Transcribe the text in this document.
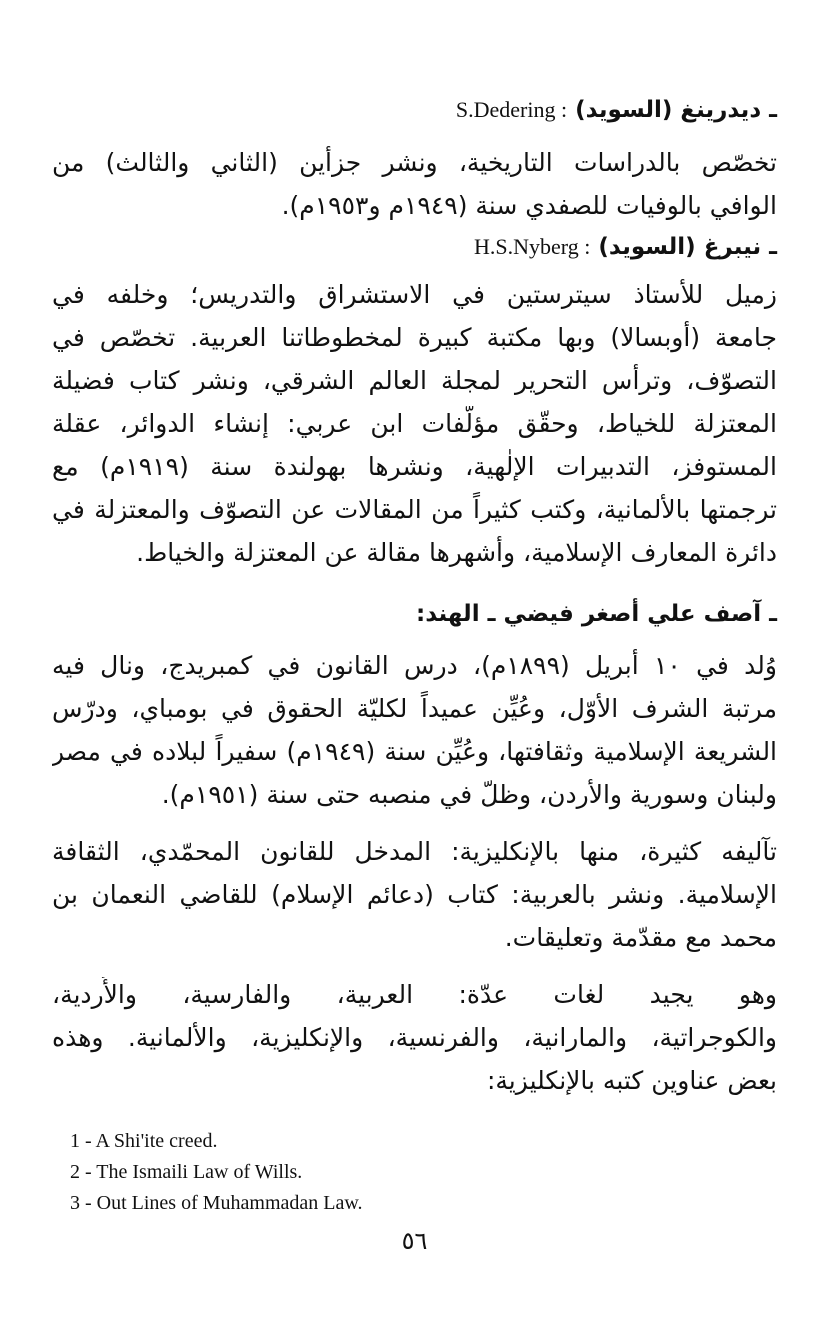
ـ ديدرينغ (السويد) : S.Dedering
تخصّص بالدراسات التاريخية، ونشر جزأين (الثاني والثالث) من
الوافي بالوفيات للصفدي سنة (١٩٤٩م و١٩٥٣م).
ـ نيبرغ (السويد) : H.S.Nyberg
زميل للأستاذ سيترستين في الاستشراق والتدريس؛ وخلفه في
جامعة (أوبسالا) وبها مكتبة كبيرة لمخطوطاتنا العربية. تخصّص في
التصوّف، وترأس التحرير لمجلة العالم الشرقي، ونشر كتاب فضيلة
المعتزلة للخياط، وحقّق مؤلّفات ابن عربي: إنشاء الدوائر، عقلة
المستوفز، التدبيرات الإلٰهية، ونشرها بهولندة سنة (١٩١٩م) مع
ترجمتها بالألمانية، وكتب كثيراً من المقالات عن التصوّف والمعتزلة في
دائرة المعارف الإسلامية، وأشهرها مقالة عن المعتزلة والخياط.
ـ آصف علي أصغر فيضي ـ الهند:
وُلد في ١٠ أبريل (١٨٩٩م)، درس القانون في كمبريدج، ونال فيه
مرتبة الشرف الأوّل، وعُيِّن عميداً لكليّة الحقوق في بومباي، ودرّس
الشريعة الإسلامية وثقافتها، وعُيِّن سنة (١٩٤٩م) سفيراً لبلاده في مصر
ولبنان وسورية والأردن، وظلّ في منصبه حتى سنة (١٩٥١م).
تآليفه كثيرة، منها بالإنكليزية: المدخل للقانون المحمّدي، الثقافة
الإسلامية. ونشر بالعربية: كتاب (دعائم الإسلام) للقاضي النعمان بن
محمد مع مقدّمة وتعليقات.
وهو يجيد لغات عدّة: العربية، والفارسية، والأُردية،
والكوجراتية، والمارانية، والفرنسية، والإنكليزية، والألمانية. وهذه
بعض عناوين كتبه بالإنكليزية:
1 - A Shi'ite creed.
2 - The Ismaili Law of Wills.
3 - Out Lines of Muhammadan Law.
٥٦
